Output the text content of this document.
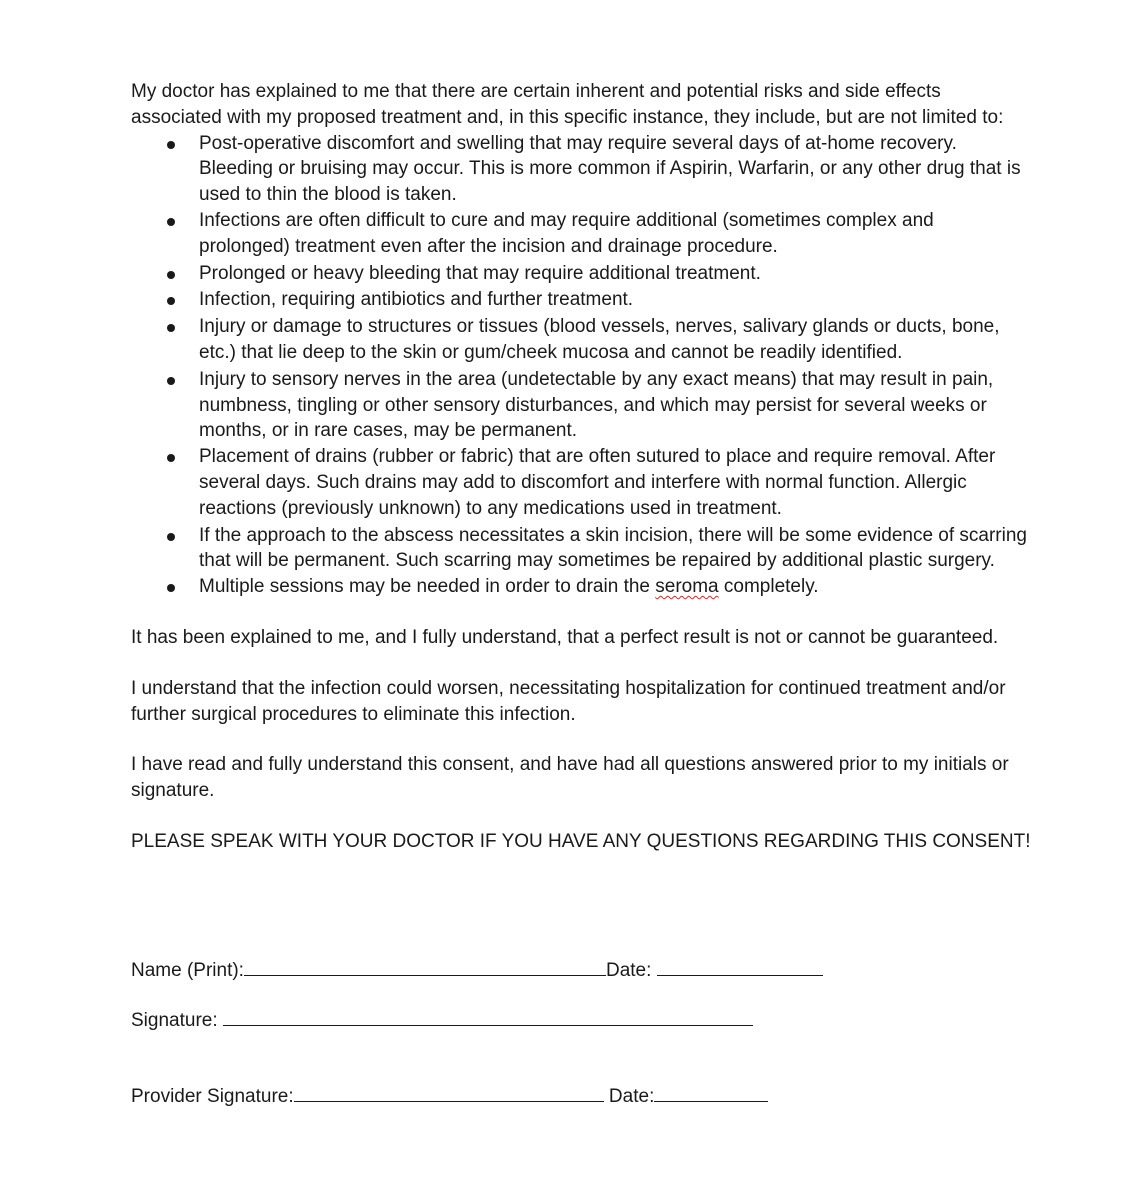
My doctor has explained to me that there are certain inherent and potential risks and side effects associated with my proposed treatment and, in this specific instance, they include, but are not limited to:

Post-operative discomfort and swelling that may require several days of at-home recovery. Bleeding or bruising may occur. This is more common if Aspirin, Warfarin, or any other drug that is used to thin the blood is taken.
Infections are often difficult to cure and may require additional (sometimes complex and prolonged) treatment even after the incision and drainage procedure.
Prolonged or heavy bleeding that may require additional treatment.
Infection, requiring antibiotics and further treatment.
Injury or damage to structures or tissues (blood vessels, nerves, salivary glands or ducts, bone, etc.) that lie deep to the skin or gum/cheek mucosa and cannot be readily identified.
Injury to sensory nerves in the area (undetectable by any exact means) that may result in pain, numbness, tingling or other sensory disturbances, and which may persist for several weeks or months, or in rare cases, may be permanent.
Placement of drains (rubber or fabric) that are often sutured to place and require removal. After several days. Such drains may add to discomfort and interfere with normal function. Allergic reactions (previously unknown) to any medications used in treatment.
If the approach to the abscess necessitates a skin incision, there will be some evidence of scarring that will be permanent. Such scarring may sometimes be repaired by additional plastic surgery.
Multiple sessions may be needed in order to drain the seroma completely.

It has been explained to me, and I fully understand, that a perfect result is not or cannot be guaranteed.

I understand that the infection could worsen, necessitating hospitalization for continued treatment and/or further surgical procedures to eliminate this infection.

I have read and fully understand this consent, and have had all questions answered prior to my initials or signature.

PLEASE SPEAK WITH YOUR DOCTOR IF YOU HAVE ANY QUESTIONS REGARDING THIS CONSENT!

Name (Print):	Date:
Signature:
Provider Signature:	Date:
